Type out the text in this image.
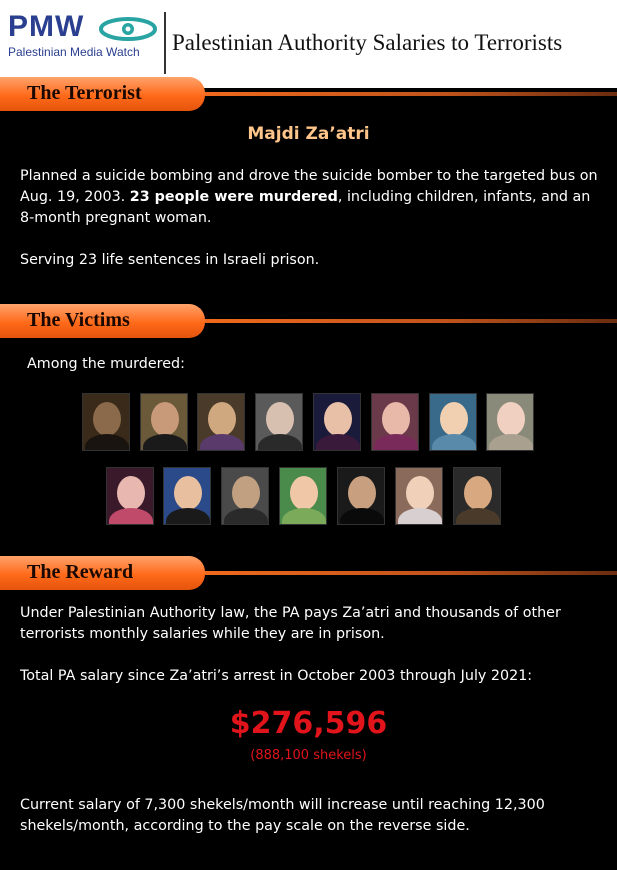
PMW
Palestinian Media Watch Palestinian Authority Salaries to Terrorists
The Terrorist
Majdi Za’atri
Planned a suicide bombing and drove the suicide bomber to the targeted bus on Aug. 19, 2003. 23 people were murdered, including children, infants, and an 8-month pregnant woman.
Serving 23 life sentences in Israeli prison.
The Victims
Among the murdered:
The Reward
Under Palestinian Authority law, the PA pays Za’atri and thousands of other terrorists monthly salaries while they are in prison.
Total PA salary since Za’atri’s arrest in October 2003 through July 2021:
$276,596
(888,100 shekels)
Current salary of 7,300 shekels/month will increase until reaching 12,300 shekels/month, according to the pay scale on the reverse side.
